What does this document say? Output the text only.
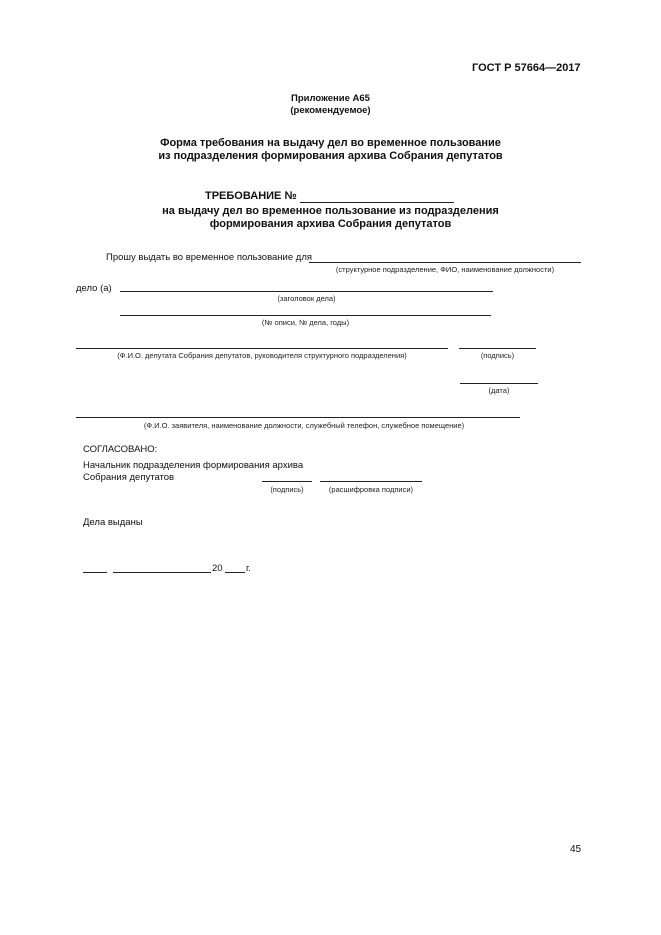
ГОСТ Р 57664—2017
Приложение А65
(рекомендуемое)
Форма требования на выдачу дел во временное пользование
из подразделения формирования архива Собрания депутатов
ТРЕБОВАНИЕ №
на выдачу дел во временное пользование из подразделения
формирования архива Собрания депутатов
Прошу выдать во временное пользование для
(структурное подразделение, ФИО, наименование должности)
дело (а)
(заголовок дела)
(№ описи, № дела, годы)
(Ф.И.О. депутата Собрания депутатов, руководителя структурного подразделения)	(подпись)
(дата)
(Ф.И.О. заявителя, наименование должности, служебный телефон, служебное помещение)
СОГЛАСОВАНО:
Начальник подразделения формирования архива
Собрания депутатов
(подпись)	(расшифровка подписи)
Дела выданы
20 г.
45
